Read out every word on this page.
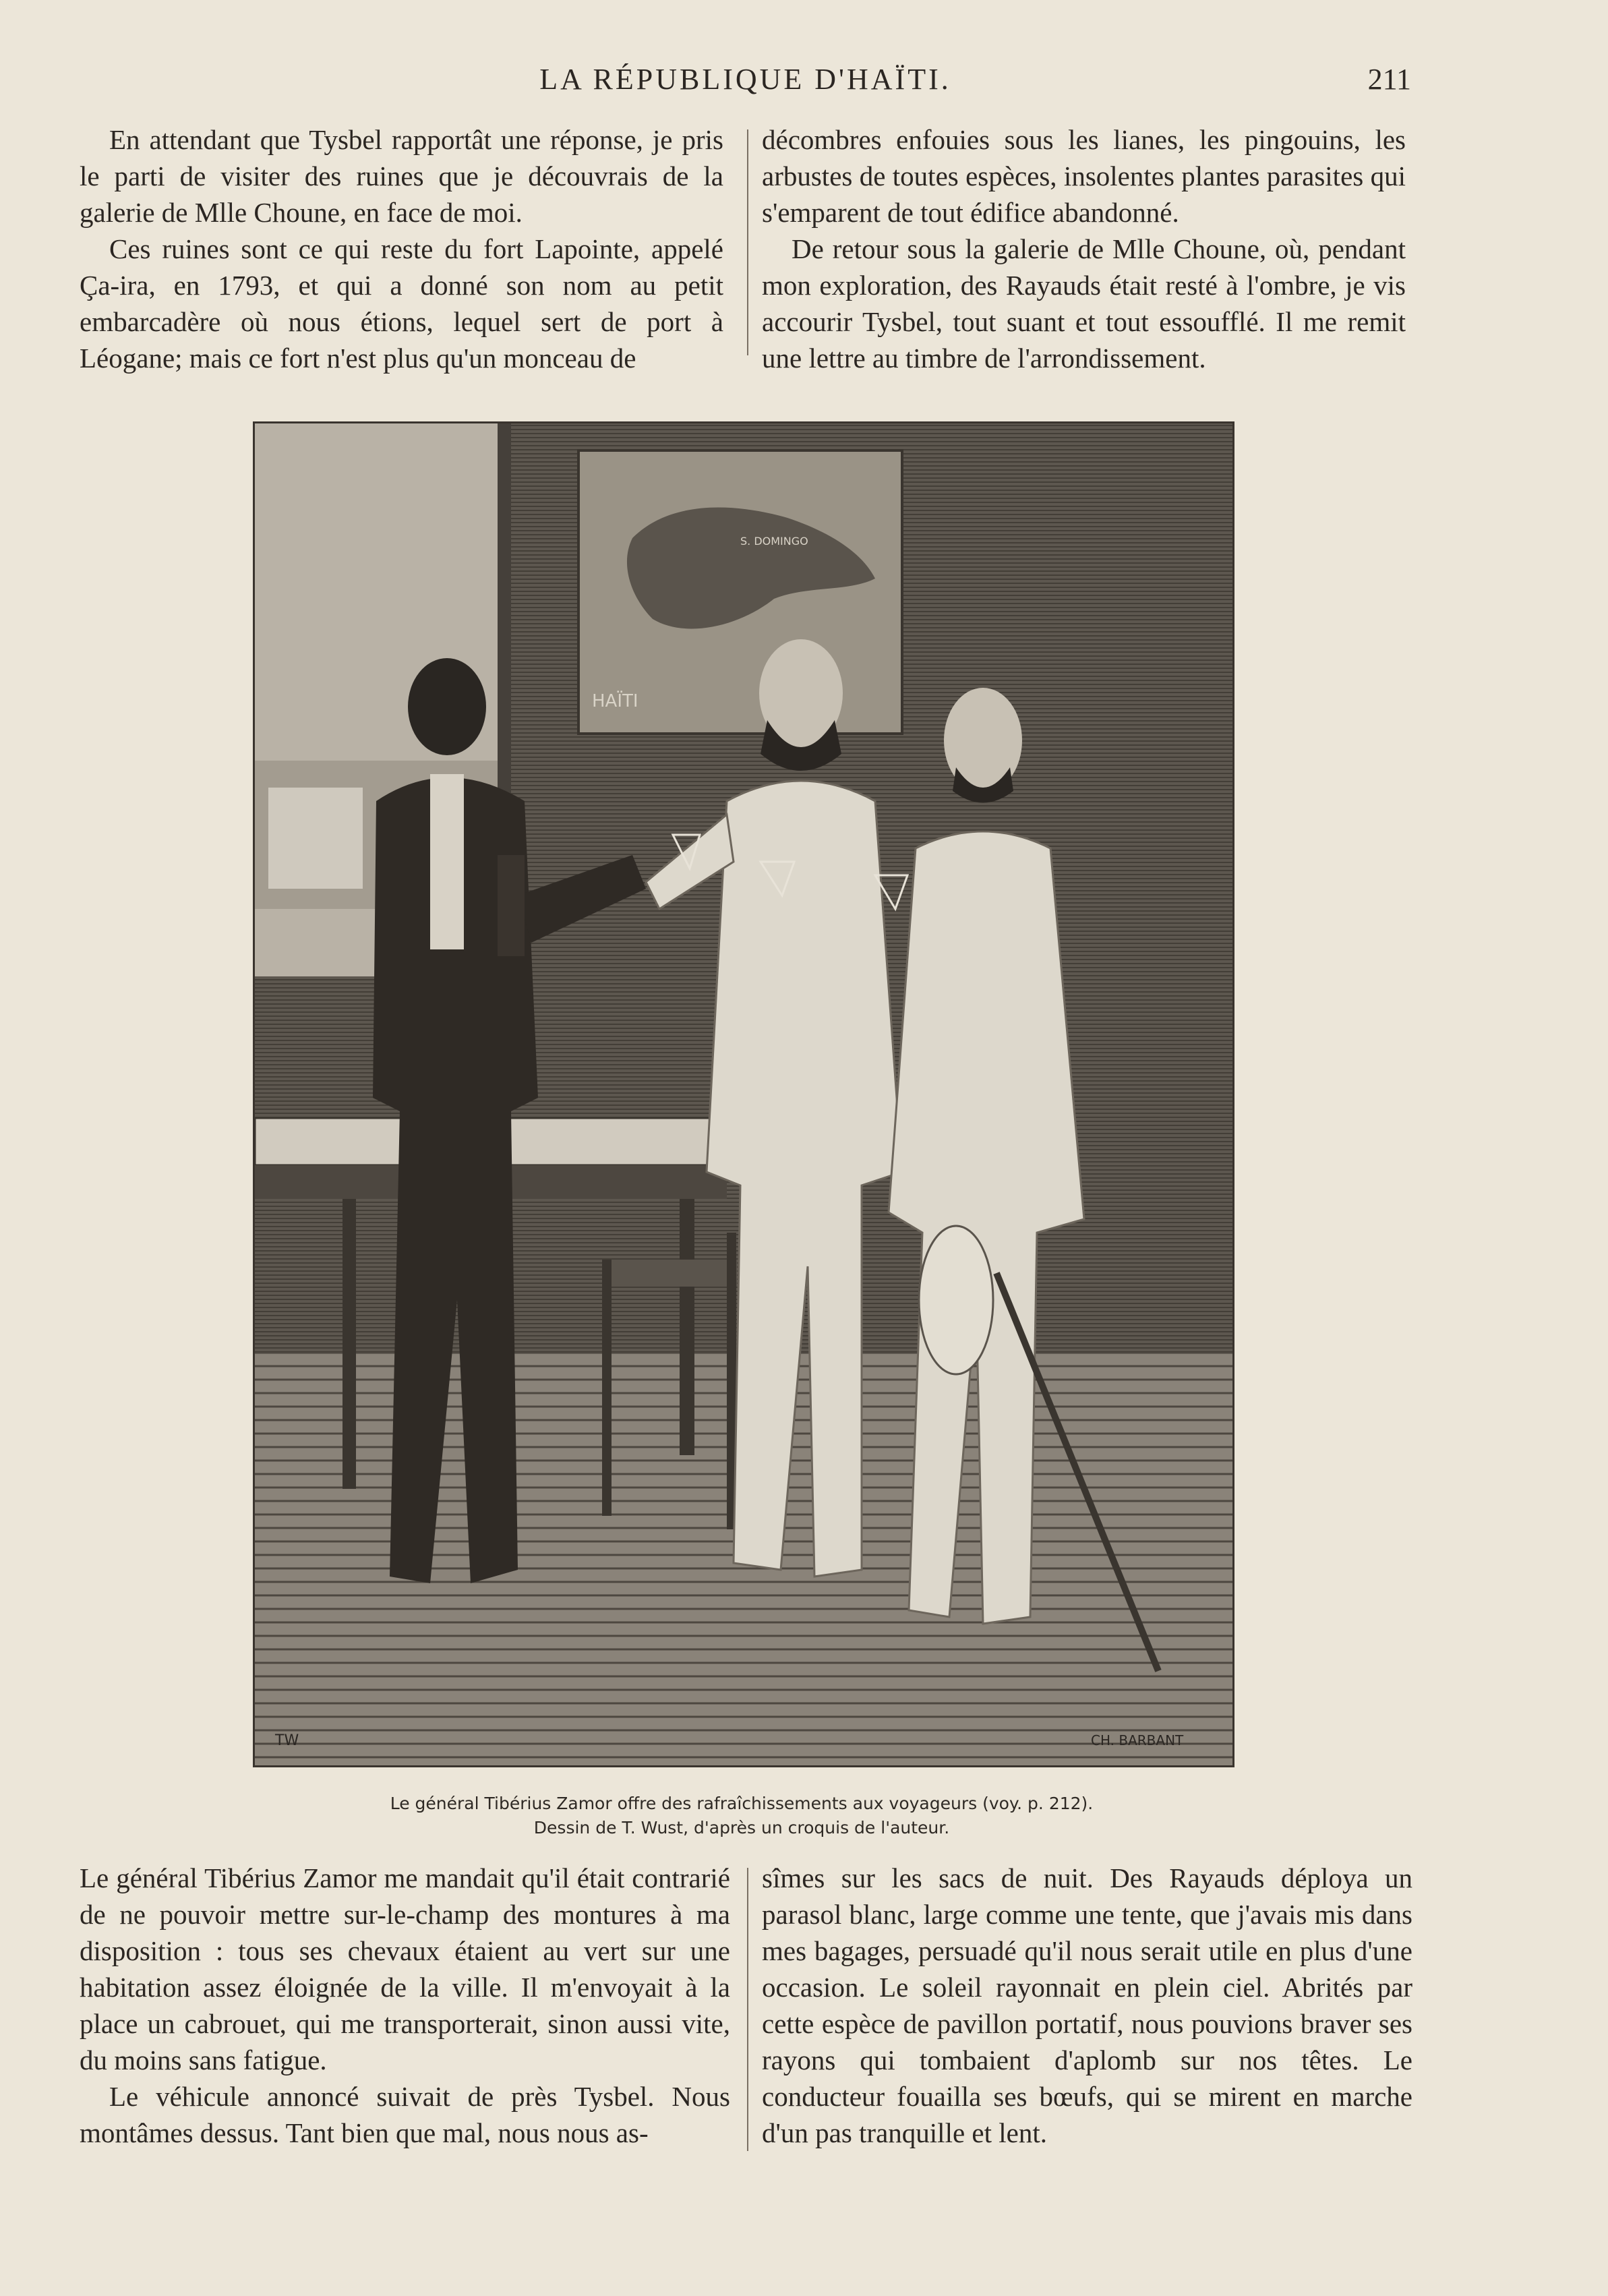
LA RÉPUBLIQUE D'HAÏTI.	211

En attendant que Tysbel rapportât une réponse, je pris le parti de visiter des ruines que je découvrais de la galerie de Mlle Choune, en face de moi.

Ces ruines sont ce qui reste du fort Lapointe, appelé Ça-ira, en 1793, et qui a donné son nom au petit embarcadère où nous étions, lequel sert de port à Léogane; mais ce fort n'est plus qu'un monceau de

décombres enfouies sous les lianes, les pingouins, les arbustes de toutes espèces, insolentes plantes parasites qui s'emparent de tout édifice abandonné.

De retour sous la galerie de Mlle Choune, où, pendant mon exploration, des Rayauds était resté à l'ombre, je vis accourir Tysbel, tout suant et tout essoufflé. Il me remit une lettre au timbre de l'arrondissement.

HAÏTI
S. DOMINGO
TW	CH. BARBANT
Le général Tibérius Zamor offre des rafraîchissements aux voyageurs (voy. p. 212).
Dessin de T. Wust, d'après un croquis de l'auteur.

Le général Tibérius Zamor me mandait qu'il était contrarié de ne pouvoir mettre sur-le-champ des montures à ma disposition : tous ses chevaux étaient au vert sur une habitation assez éloignée de la ville. Il m'envoyait à la place un cabrouet, qui me transporterait, sinon aussi vite, du moins sans fatigue.

Le véhicule annoncé suivait de près Tysbel. Nous montâmes dessus. Tant bien que mal, nous nous as-

sîmes sur les sacs de nuit. Des Rayauds déploya un parasol blanc, large comme une tente, que j'avais mis dans mes bagages, persuadé qu'il nous serait utile en plus d'une occasion. Le soleil rayonnait en plein ciel. Abrités par cette espèce de pavillon portatif, nous pouvions braver ses rayons qui tombaient d'aplomb sur nos têtes. Le conducteur fouailla ses bœufs, qui se mirent en marche d'un pas tranquille et lent.
